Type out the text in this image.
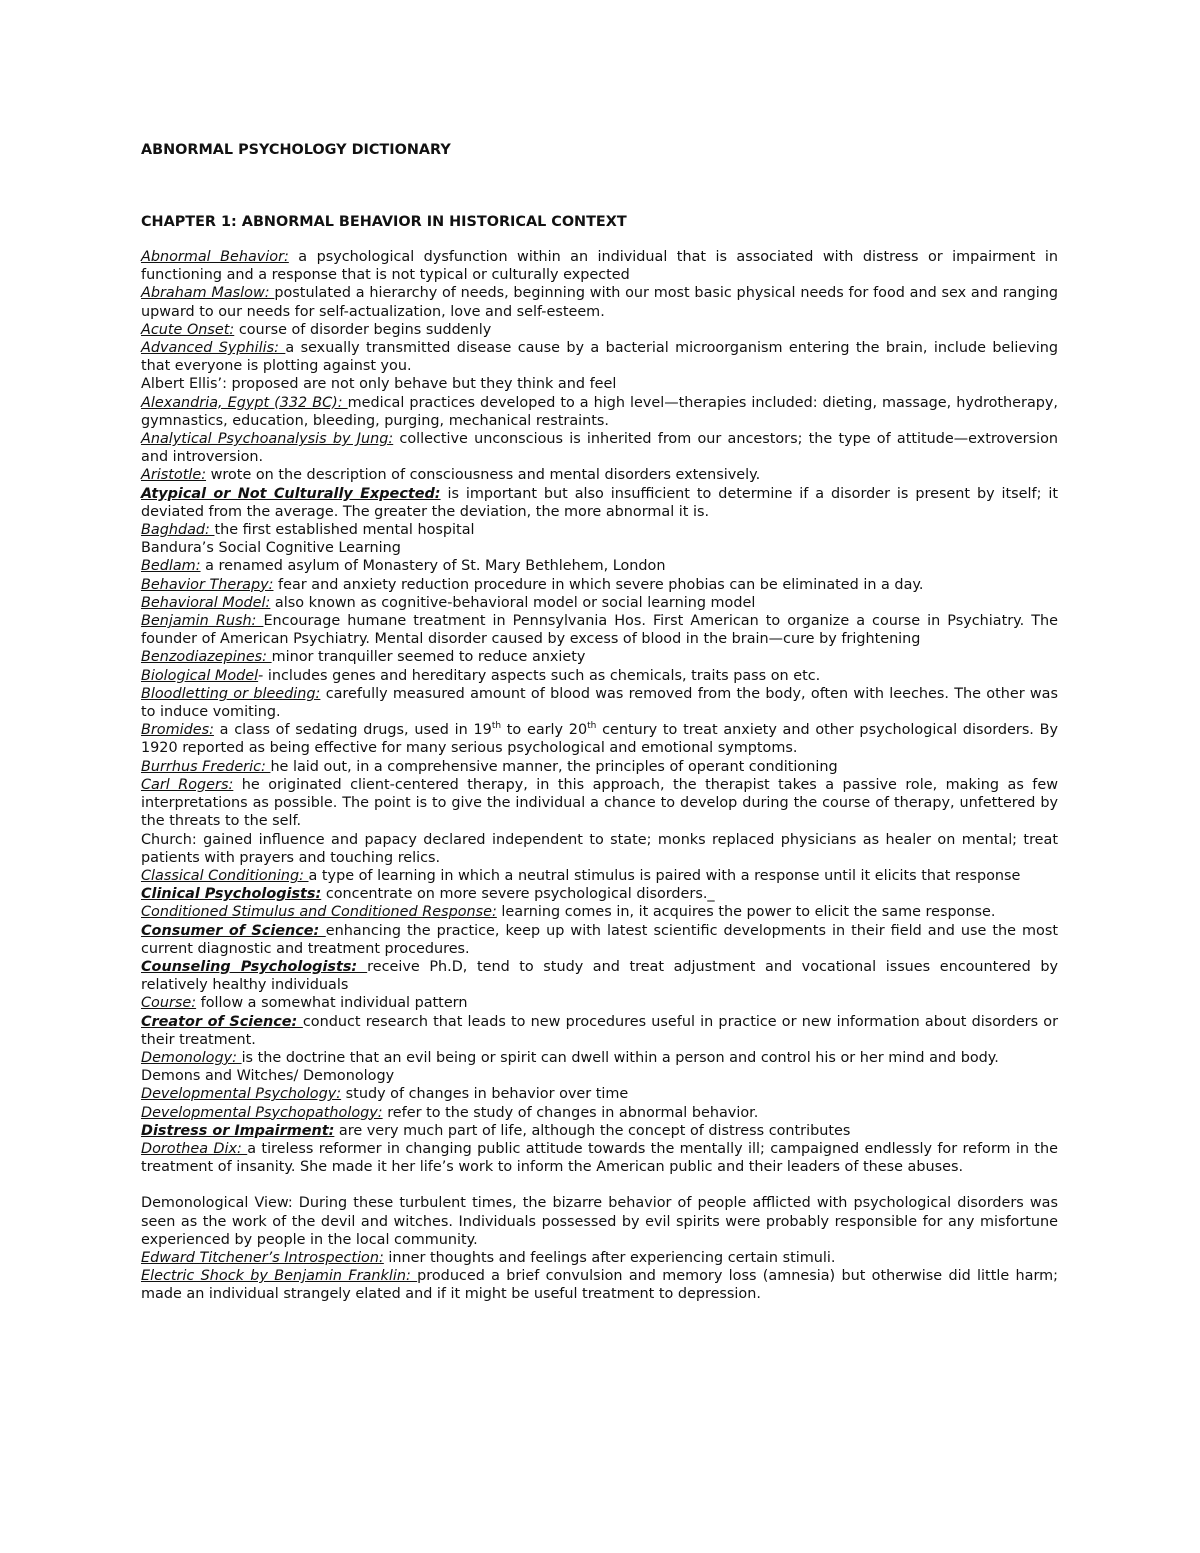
ABNORMAL PSYCHOLOGY DICTIONARY
CHAPTER 1: ABNORMAL BEHAVIOR IN HISTORICAL CONTEXT

Abnormal Behavior: a psychological dysfunction within an individual that is associated with distress or impairment in functioning and a response that is not typical or culturally expected

Abraham Maslow: postulated a hierarchy of needs, beginning with our most basic physical needs for food and sex and ranging upward to our needs for self-actualization, love and self-esteem.

Acute Onset: course of disorder begins suddenly

Advanced Syphilis: a sexually transmitted disease cause by a bacterial microorganism entering the brain, include believing that everyone is plotting against you.

Albert Ellis’: proposed are not only behave but they think and feel

Alexandria, Egypt (332 BC): medical practices developed to a high level—therapies included: dieting, massage, hydrotherapy, gymnastics, education, bleeding, purging, mechanical restraints.

Analytical Psychoanalysis by Jung: collective unconscious is inherited from our ancestors; the type of attitude—extroversion and introversion.

Aristotle: wrote on the description of consciousness and mental disorders extensively.

Atypical or Not Culturally Expected: is important but also insufficient to determine if a disorder is present by itself; it deviated from the average. The greater the deviation, the more abnormal it is.

Baghdad: the first established mental hospital

Bandura’s Social Cognitive Learning

Bedlam: a renamed asylum of Monastery of St. Mary Bethlehem, London

Behavior Therapy: fear and anxiety reduction procedure in which severe phobias can be eliminated in a day.

Behavioral Model: also known as cognitive-behavioral model or social learning model

Benjamin Rush: Encourage humane treatment in Pennsylvania Hos. First American to organize a course in Psychiatry. The founder of American Psychiatry. Mental disorder caused by excess of blood in the brain—cure by frightening

Benzodiazepines: minor tranquiller seemed to reduce anxiety

Biological Model- includes genes and hereditary aspects such as chemicals, traits pass on etc.

Bloodletting or bleeding: carefully measured amount of blood was removed from the body, often with leeches. The other was to induce vomiting.

Bromides: a class of sedating drugs, used in 19th to early 20th century to treat anxiety and other psychological disorders. By 1920 reported as being effective for many serious psychological and emotional symptoms.

Burrhus Frederic: he laid out, in a comprehensive manner, the principles of operant conditioning

Carl Rogers: he originated client-centered therapy, in this approach, the therapist takes a passive role, making as few interpretations as possible. The point is to give the individual a chance to develop during the course of therapy, unfettered by the threats to the self.

Church: gained influence and papacy declared independent to state; monks replaced physicians as healer on mental; treat patients with prayers and touching relics.

Classical Conditioning: a type of learning in which a neutral stimulus is paired with a response until it elicits that response

Clinical Psychologists: concentrate on more severe psychological disorders._

Conditioned Stimulus and Conditioned Response: learning comes in, it acquires the power to elicit the same response.

Consumer of Science: enhancing the practice, keep up with latest scientific developments in their field and use the most current diagnostic and treatment procedures.

Counseling Psychologists: receive Ph.D, tend to study and treat adjustment and vocational issues encountered by relatively healthy individuals

Course: follow a somewhat individual pattern

Creator of Science: conduct research that leads to new procedures useful in practice or new information about disorders or their treatment.

Demonology: is the doctrine that an evil being or spirit can dwell within a person and control his or her mind and body.

Demons and Witches/ Demonology

Developmental Psychology: study of changes in behavior over time

Developmental Psychopathology: refer to the study of changes in abnormal behavior.

Distress or Impairment: are very much part of life, although the concept of distress contributes

Dorothea Dix: a tireless reformer in changing public attitude towards the mentally ill; campaigned endlessly for reform in the treatment of insanity. She made it her life’s work to inform the American public and their leaders of these abuses.

Demonological View: During these turbulent times, the bizarre behavior of people afflicted with psychological disorders was seen as the work of the devil and witches. Individuals possessed by evil spirits were probably responsible for any misfortune experienced by people in the local community.

Edward Titchener’s Introspection: inner thoughts and feelings after experiencing certain stimuli.

Electric Shock by Benjamin Franklin: produced a brief convulsion and memory loss (amnesia) but otherwise did little harm; made an individual strangely elated and if it might be useful treatment to depression.
